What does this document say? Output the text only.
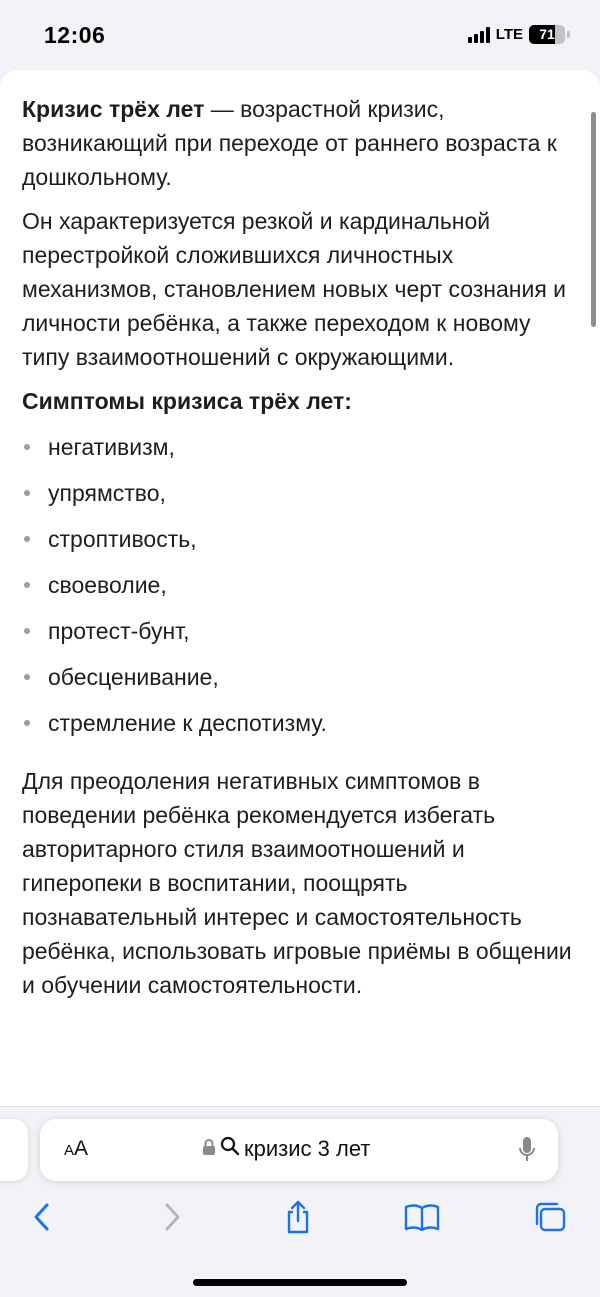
12:06	LTE	71

Кризис трёх лет — возрастной кризис, возникающий при переходе от раннего возраста к дошкольному.

Он характеризуется резкой и кардинальной перестройкой сложившихся личностных механизмов, становлением новых черт сознания и личности ребёнка, а также переходом к новому типу взаимоотношений с окружающими.

Симптомы кризиса трёх лет:
негативизм,
упрямство,
строптивость,
своеволие,
протест-бунт,
обесценивание,
стремление к деспотизму.

Для преодоления негативных симптомов в поведении ребёнка рекомендуется избегать авторитарного стиля взаимоотношений и гиперопеки в воспитании, поощрять познавательный интерес и самостоятельность ребёнка, использовать игровые приёмы в общении и обучении самостоятельности.

AA	кризис 3 лет
